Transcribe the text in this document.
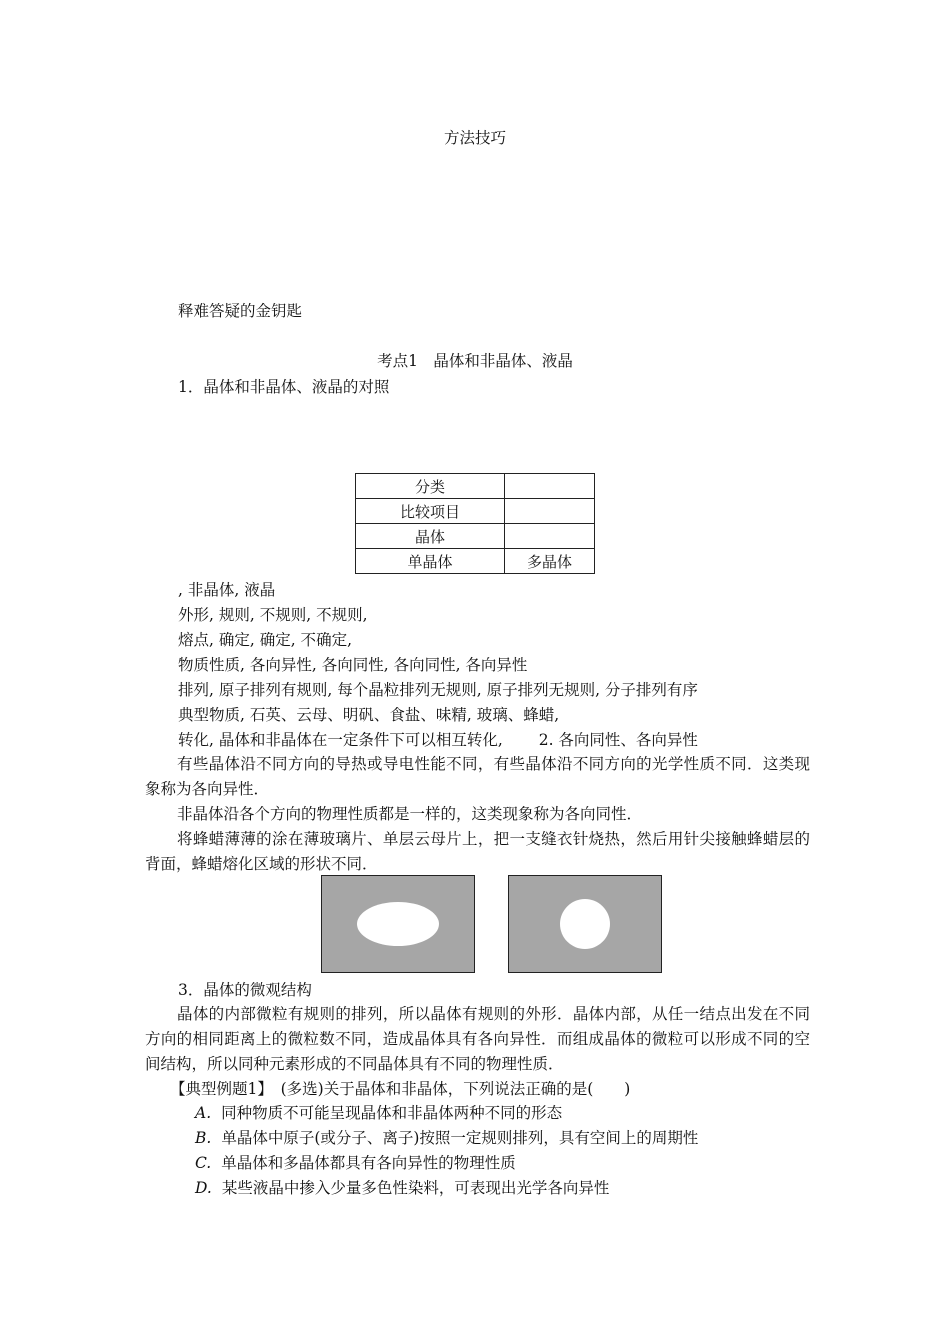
方法技巧
释难答疑的金钥匙
考点1　晶体和非晶体、液晶
1．晶体和非晶体、液晶的对照
分类	
比较项目	
晶体	
单晶体	多晶体
, 非晶体, 液晶
外形, 规则, 不规则, 不规则,
熔点, 确定, 确定, 不确定,
物质性质, 各向异性, 各向同性, 各向同性, 各向异性
排列, 原子排列有规则, 每个晶粒排列无规则, 原子排列无规则, 分子排列有序
典型物质, 石英、云母、明矾、食盐、味精, 玻璃、蜂蜡,
转化, 晶体和非晶体在一定条件下可以相互转化,　　 2. 各向同性、各向异性
有些晶体沿不同方向的导热或导电性能不同，有些晶体沿不同方向的光学性质不同．这类现象称为各向异性．
非晶体沿各个方向的物理性质都是一样的，这类现象称为各向同性．
将蜂蜡薄薄的涂在薄玻璃片、单层云母片上，把一支缝衣针烧热，然后用针尖接触蜂蜡层的背面，蜂蜡熔化区域的形状不同．
3．晶体的微观结构
晶体的内部微粒有规则的排列，所以晶体有规则的外形．晶体内部，从任一结点出发在不同方向的相同距离上的微粒数不同，造成晶体具有各向异性．而组成晶体的微粒可以形成不同的空间结构，所以同种元素形成的不同晶体具有不同的物理性质．
【典型例题1】　(多选)关于晶体和非晶体，下列说法正确的是(　　)
A. 同种物质不可能呈现晶体和非晶体两种不同的形态
B. 单晶体中原子(或分子、离子)按照一定规则排列，具有空间上的周期性
C. 单晶体和多晶体都具有各向异性的物理性质
D. 某些液晶中掺入少量多色性染料，可表现出光学各向异性
